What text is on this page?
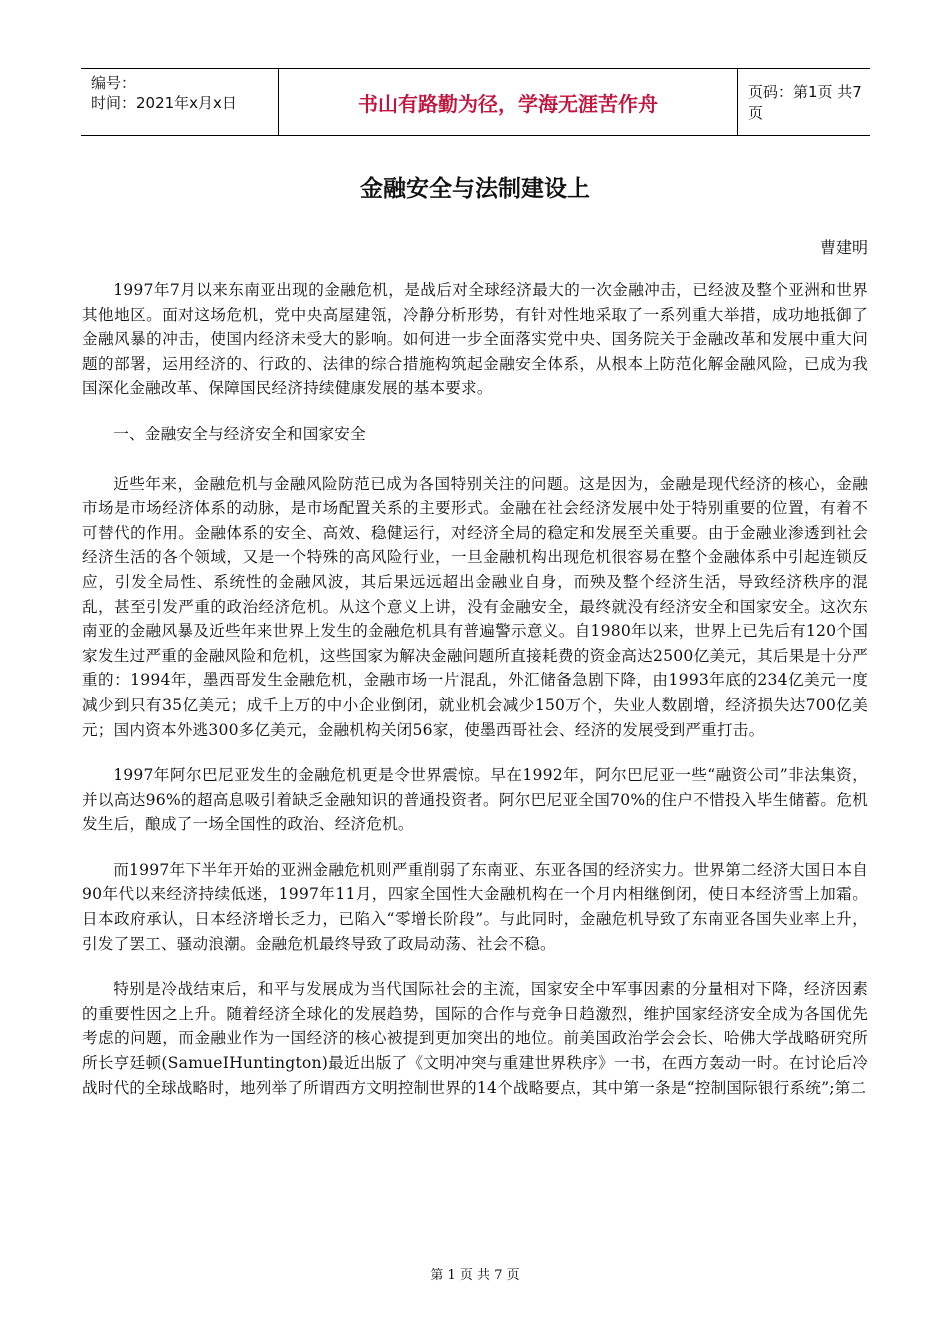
编号：
时间：2021年x月x日	书山有路勤为径，学海无涯苦作舟	页码：第1页 共7页
金融安全与法制建设上
曹建明

1997年7月以来东南亚出现的金融危机，是战后对全球经济最大的一次金融冲击，已经波及整个亚洲和世界其他地区。面对这场危机，党中央高屋建瓴，冷静分析形势，有针对性地采取了一系列重大举措，成功地抵御了金融风暴的冲击，使国内经济未受大的影响。如何进一步全面落实党中央、国务院关于金融改革和发展中重大问题的部署，运用经济的、行政的、法律的综合措施构筑起金融安全体系，从根本上防范化解金融风险，已成为我国深化金融改革、保障国民经济持续健康发展的基本要求。

一、金融安全与经济安全和国家安全

近些年来，金融危机与金融风险防范已成为各国特别关注的问题。这是因为，金融是现代经济的核心，金融市场是市场经济体系的动脉，是市场配置关系的主要形式。金融在社会经济发展中处于特别重要的位置，有着不可替代的作用。金融体系的安全、高效、稳健运行，对经济全局的稳定和发展至关重要。由于金融业渗透到社会经济生活的各个领域，又是一个特殊的高风险行业，一旦金融机构出现危机很容易在整个金融体系中引起连锁反应，引发全局性、系统性的金融风波，其后果远远超出金融业自身，而殃及整个经济生活，导致经济秩序的混乱，甚至引发严重的政治经济危机。从这个意义上讲，没有金融安全，最终就没有经济安全和国家安全。这次东南亚的金融风暴及近些年来世界上发生的金融危机具有普遍警示意义。自1980年以来，世界上已先后有120个国家发生过严重的金融风险和危机，这些国家为解决金融问题所直接耗费的资金高达2500亿美元，其后果是十分严重的：1994年，墨西哥发生金融危机，金融市场一片混乱，外汇储备急剧下降，由1993年底的234亿美元一度减少到只有35亿美元；成千上万的中小企业倒闭，就业机会减少150万个，失业人数剧增，经济损失达700亿美元；国内资本外逃300多亿美元，金融机构关闭56家，使墨西哥社会、经济的发展受到严重打击。

1997年阿尔巴尼亚发生的金融危机更是令世界震惊。早在1992年，阿尔巴尼亚一些“融资公司”非法集资，并以高达96%的超高息吸引着缺乏金融知识的普通投资者。阿尔巴尼亚全国70%的住户不惜投入毕生储蓄。危机发生后，酿成了一场全国性的政治、经济危机。

而1997年下半年开始的亚洲金融危机则严重削弱了东南亚、东亚各国的经济实力。世界第二经济大国日本自90年代以来经济持续低迷，1997年11月，四家全国性大金融机构在一个月内相继倒闭，使日本经济雪上加霜。日本政府承认，日本经济增长乏力，已陷入“零增长阶段”。与此同时，金融危机导致了东南亚各国失业率上升，引发了罢工、骚动浪潮。金融危机最终导致了政局动荡、社会不稳。

特别是冷战结束后，和平与发展成为当代国际社会的主流，国家安全中军事因素的分量相对下降，经济因素的重要性因之上升。随着经济全球化的发展趋势，国际的合作与竞争日趋激烈，维护国家经济安全成为各国优先考虑的问题，而金融业作为一国经济的核心被提到更加突出的地位。前美国政治学会会长、哈佛大学战略研究所所长亨廷顿(SamueIHuntington)最近出版了《文明冲突与重建世界秩序》一书，在西方轰动一时。在讨论后冷战时代的全球战略时，地列举了所谓西方文明控制世界的14个战略要点，其中第一条是“控制国际银行系统”;第二

第 1 页 共 7 页
